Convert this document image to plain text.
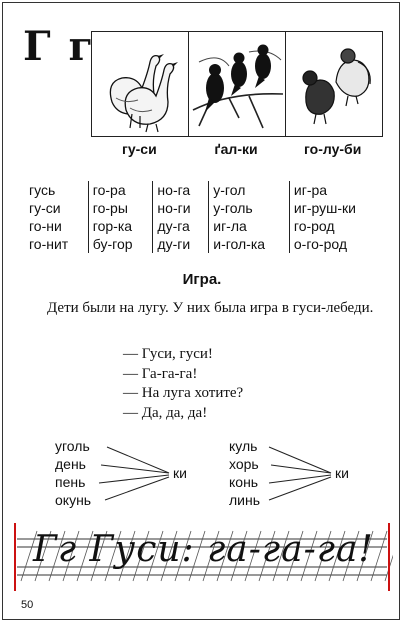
Г г
гу-си	ґал-ки	го-лу-би
гусь	го-ра	но-га	у-гол	иг-ра
гу-си	го-ры	но-ги	у-голь	иг-руш-ки
го-ни	гор-ка	ду-га	иг-ла	го-род
го-нит	бу-гор	ду-ги	и-гол-ка	о-го-род
Игра.
Дети были на лугу. У них была игра в гуси-лебеди.
— Гуси, гуси!
— Га-га-га!
— На луга хотите?
— Да, да, да!
уголь
день
пень
окунь
ки
куль
хорь
конь
линь
ки
Гг Гуси: га-га-га!
50
